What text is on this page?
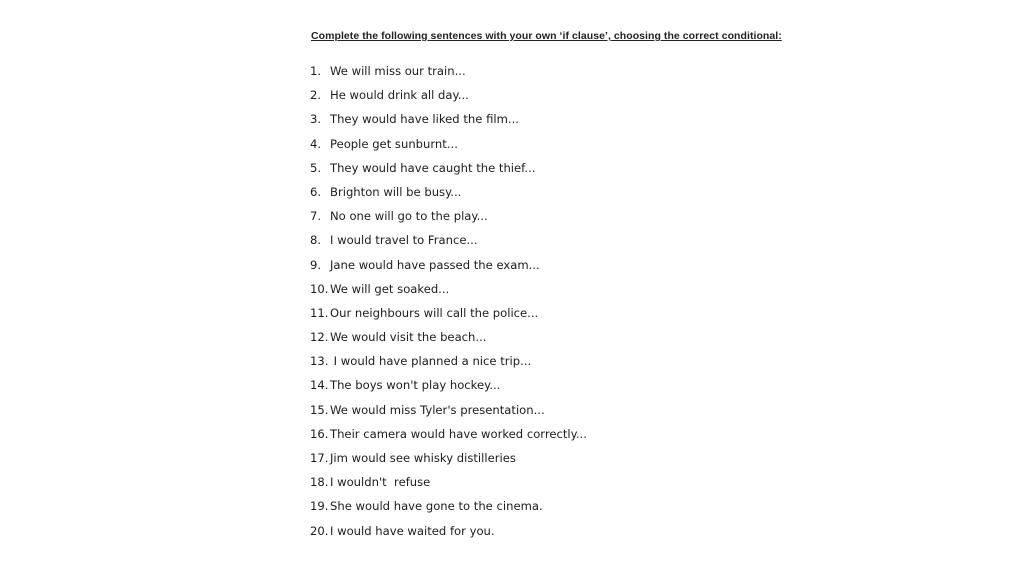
Complete the following sentences with your own ‘if clause’, choosing the correct conditional:
1. We will miss our train...
2. He would drink all day...
3. They would have liked the film...
4. People get sunburnt...
5. They would have caught the thief...
6. Brighton will be busy...
7. No one will go to the play...
8. I would travel to France...
9. Jane would have passed the exam...
10. We will get soaked...
11. Our neighbours will call the police...
12. We would visit the beach...
13. I would have planned a nice trip...
14. The boys won't play hockey...
15. We would miss Tyler's presentation...
16. Their camera would have worked correctly...
17. Jim would see whisky distilleries
18. I wouldn't  refuse
19. She would have gone to the cinema.
20. I would have waited for you.
